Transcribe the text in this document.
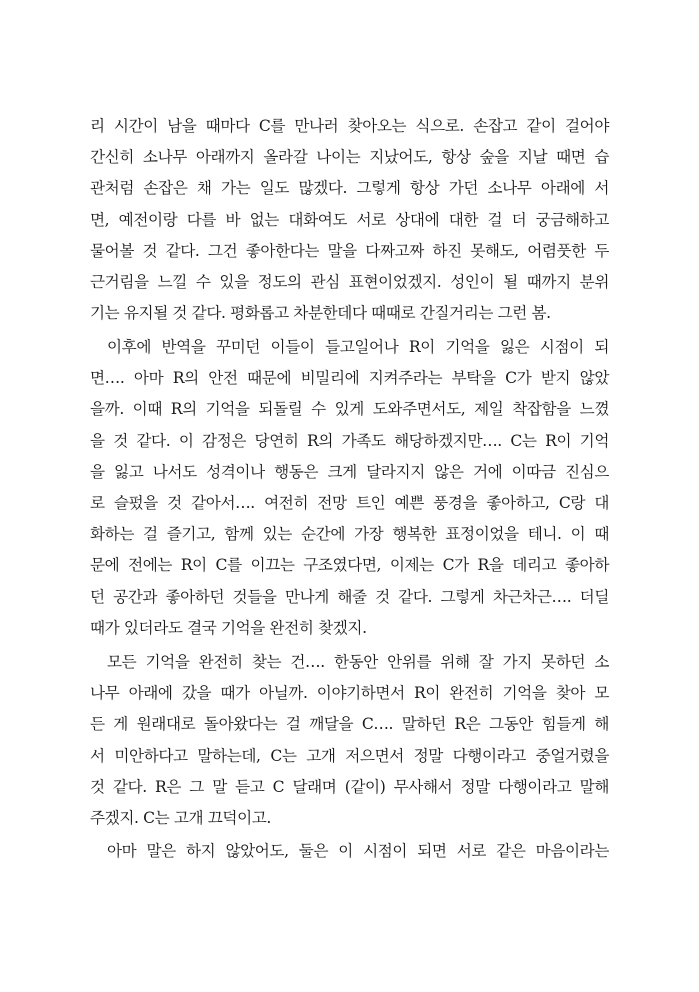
리 시간이 남을 때마다 C를 만나러 찾아오는 식으로. 손잡고 같이 걸어야
간신히 소나무 아래까지 올라갈 나이는 지났어도, 항상 숲을 지날 때면 습
관처럼 손잡은 채 가는 일도 많겠다. 그렇게 항상 가던 소나무 아래에 서
면, 예전이랑 다를 바 없는 대화여도 서로 상대에 대한 걸 더 궁금해하고
물어볼 것 같다. 그건 좋아한다는 말을 다짜고짜 하진 못해도, 어렴풋한 두
근거림을 느낄 수 있을 정도의 관심 표현이었겠지. 성인이 될 때까지 분위
기는 유지될 것 같다. 평화롭고 차분한데다 때때로 간질거리는 그런 봄.
이후에 반역을 꾸미던 이들이 들고일어나 R이 기억을 잃은 시점이 되
면…. 아마 R의 안전 때문에 비밀리에 지켜주라는 부탁을 C가 받지 않았
을까. 이때 R의 기억을 되돌릴 수 있게 도와주면서도, 제일 착잡함을 느꼈
을 것 같다. 이 감정은 당연히 R의 가족도 해당하겠지만…. C는 R이 기억
을 잃고 나서도 성격이나 행동은 크게 달라지지 않은 거에 이따금 진심으
로 슬펐을 것 같아서…. 여전히 전망 트인 예쁜 풍경을 좋아하고, C랑 대
화하는 걸 즐기고, 함께 있는 순간에 가장 행복한 표정이었을 테니. 이 때
문에 전에는 R이 C를 이끄는 구조였다면, 이제는 C가 R을 데리고 좋아하
던 공간과 좋아하던 것들을 만나게 해줄 것 같다. 그렇게 차근차근…. 더딜
때가 있더라도 결국 기억을 완전히 찾겠지.
모든 기억을 완전히 찾는 건…. 한동안 안위를 위해 잘 가지 못하던 소
나무 아래에 갔을 때가 아닐까. 이야기하면서 R이 완전히 기억을 찾아 모
든 게 원래대로 돌아왔다는 걸 깨달을 C…. 말하던 R은 그동안 힘들게 해
서 미안하다고 말하는데, C는 고개 저으면서 정말 다행이라고 중얼거렸을
것 같다. R은 그 말 듣고 C 달래며 (같이) 무사해서 정말 다행이라고 말해
주겠지. C는 고개 끄덕이고.
아마 말은 하지 않았어도, 둘은 이 시점이 되면 서로 같은 마음이라는
